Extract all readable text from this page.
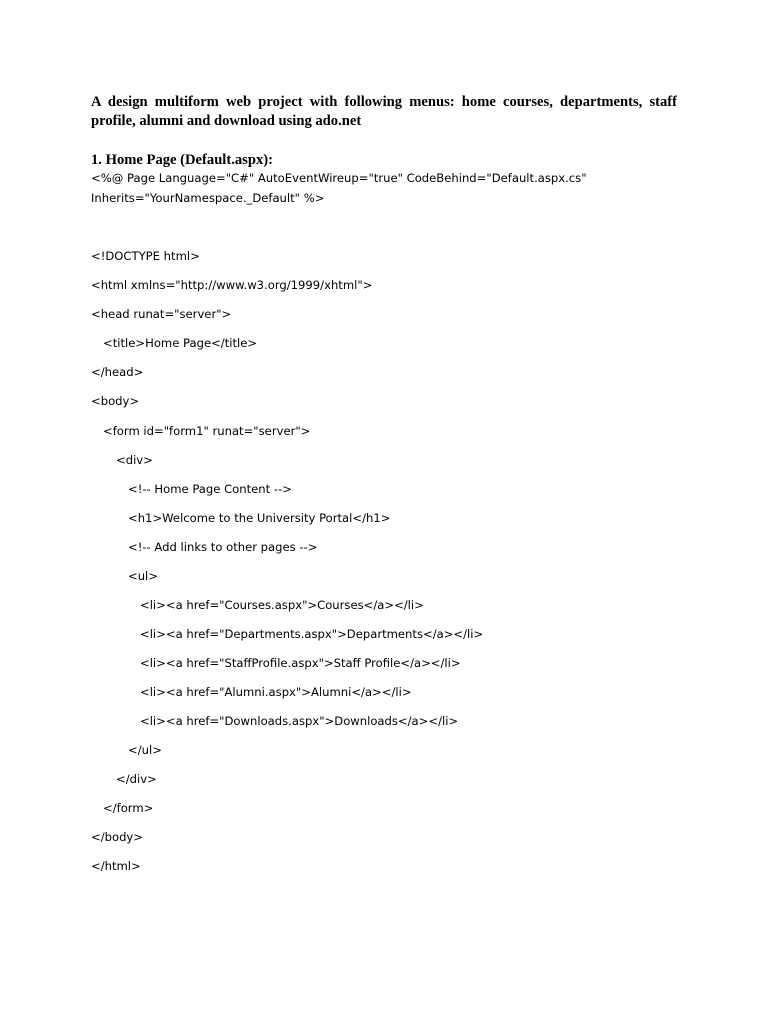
A design multiform web project with following menus: home courses, departments, staff profile, alumni and download using ado.net

1. Home Page (Default.aspx):

<%@ Page Language="C#" AutoEventWireup="true" CodeBehind="Default.aspx.cs"

Inherits="YourNamespace._Default" %>

<!DOCTYPE html>

<html xmlns="http://www.w3.org/1999/xhtml">

<head runat="server">

<title>Home Page</title>

</head>

<body>

<form id="form1" runat="server">

<div>

<!-- Home Page Content -->

<h1>Welcome to the University Portal</h1>

<!-- Add links to other pages -->

<ul>

<li><a href="Courses.aspx">Courses</a></li>

<li><a href="Departments.aspx">Departments</a></li>

<li><a href="StaffProfile.aspx">Staff Profile</a></li>

<li><a href="Alumni.aspx">Alumni</a></li>

<li><a href="Downloads.aspx">Downloads</a></li>

</ul>

</div>

</form>

</body>

</html>
